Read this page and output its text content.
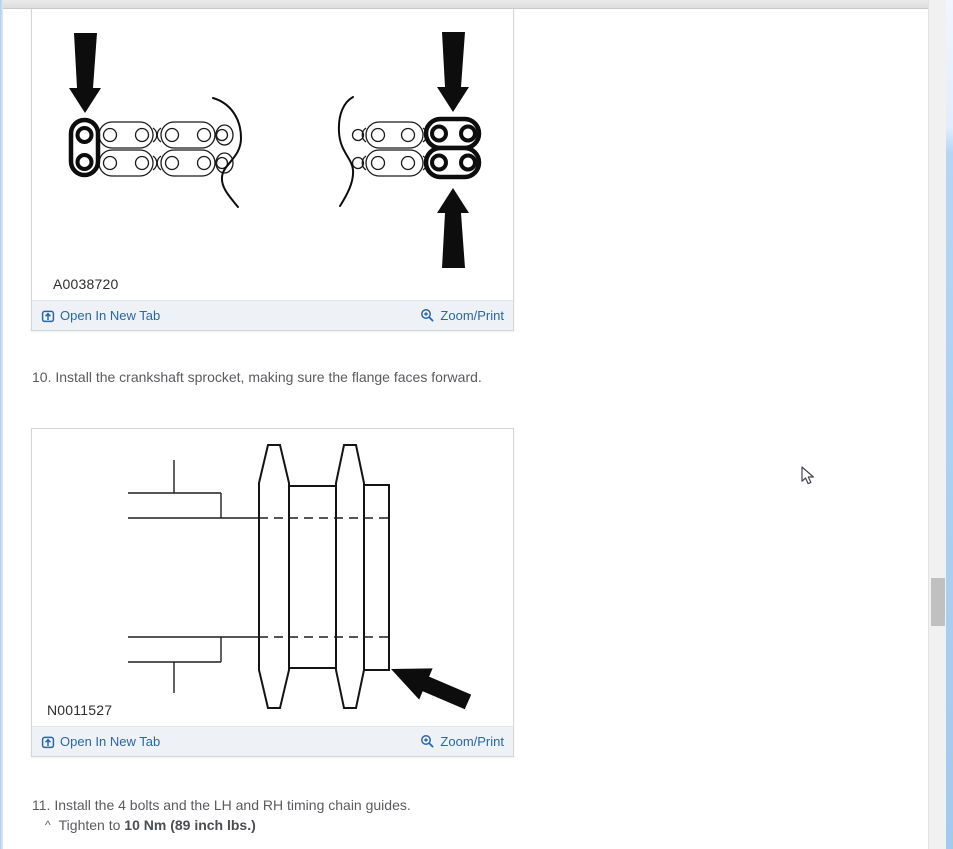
A0038720
Open In New Tab	Zoom/Print
10. Install the crankshaft sprocket, making sure the flange faces forward.
N0011527
Open In New Tab	Zoom/Print
11. Install the 4 bolts and the LH and RH timing chain guides.
^ Tighten to 10 Nm (89 inch lbs.)
